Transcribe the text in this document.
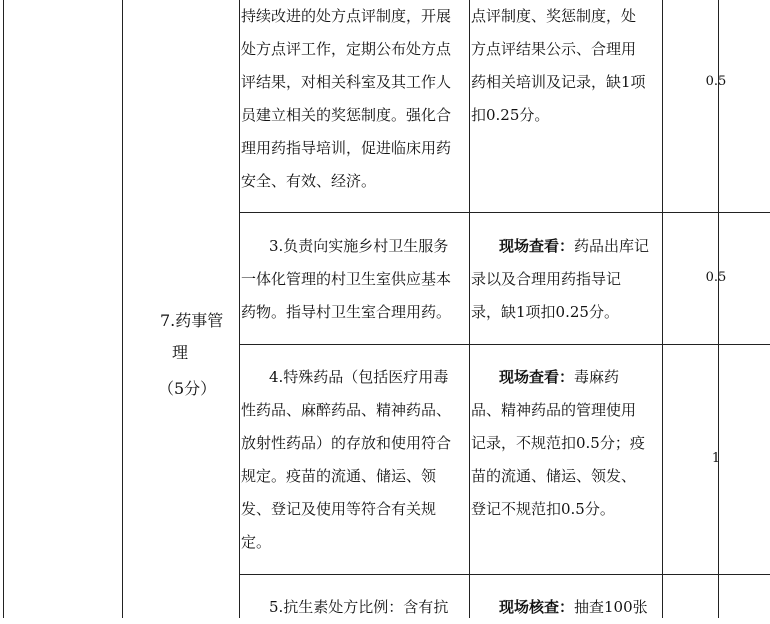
7.药事管

理

（5分）

持续改进的处方点评制度，开展

处方点评工作，定期公布处方点

评结果，对相关科室及其工作人

员建立相关的奖惩制度。强化合

理用药指导培训，促进临床用药

安全、有效、经济。

点评制度、奖惩制度，处

方点评结果公示、合理用

药相关培训及记录，缺1项

扣0.25分。

0.5

3.负责向实施乡村卫生服务

一体化管理的村卫生室供应基本

药物。指导村卫生室合理用药。

现场查看：药品出库记

录以及合理用药指导记

录，缺1项扣0.25分。

0.5

4.特殊药品（包括医疗用毒

性药品、麻醉药品、精神药品、

放射性药品）的存放和使用符合

规定。疫苗的流通、储运、领

发、登记及使用等符合有关规

定。

现场查看：毒麻药

品、精神药品的管理使用

记录，不规范扣0.5分；疫

苗的流通、储运、领发、

登记不规范扣0.5分。

1

5.抗生素处方比例：含有抗	现场核查：抽查100张
